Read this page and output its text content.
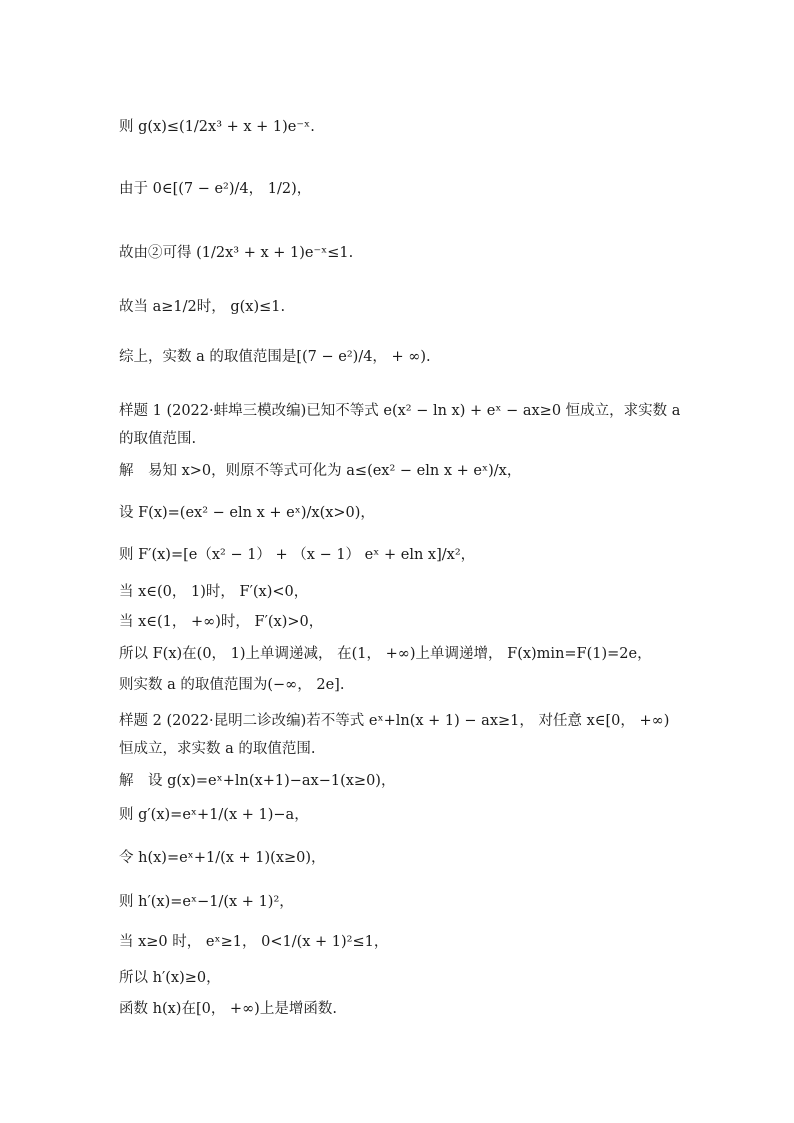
则 g(x)≤(1/2x³ + x + 1)e⁻ˣ.
由于 0∈[(7 − e²)/4， 1/2)，
故由②可得 (1/2x³ + x + 1)e⁻ˣ≤1.
故当 a≥1/2时， g(x)≤1.
综上，实数 a 的取值范围是[(7 − e²)/4， + ∞).
样题 1 (2022·蚌埠三模改编)已知不等式 e(x² − ln x) + eˣ − ax≥0 恒成立，求实数 a 的取值范围.
解　易知 x>0，则原不等式可化为 a≤(ex² − eln x + eˣ)/x，
设 F(x)=(ex² − eln x + eˣ)/x(x>0)，
则 F′(x)=[e（x² − 1） + （x − 1） eˣ + eln x]/x²，
当 x∈(0， 1)时， F′(x)<0，
当 x∈(1， +∞)时， F′(x)>0，
所以 F(x)在(0， 1)上单调递减， 在(1， +∞)上单调递增， F(x)min=F(1)=2e，
则实数 a 的取值范围为(−∞， 2e].
样题 2 (2022·昆明二诊改编)若不等式 eˣ+ln(x + 1) − ax≥1， 对任意 x∈[0， +∞) 恒成立，求实数 a 的取值范围.
解　设 g(x)=eˣ+ln(x+1)−ax−1(x≥0)，
则 g′(x)=eˣ+1/(x + 1)−a，
令 h(x)=eˣ+1/(x + 1)(x≥0)，
则 h′(x)=eˣ−1/(x + 1)²，
当 x≥0 时， eˣ≥1， 0<1/(x + 1)²≤1，
所以 h′(x)≥0，
函数 h(x)在[0， +∞)上是增函数.
